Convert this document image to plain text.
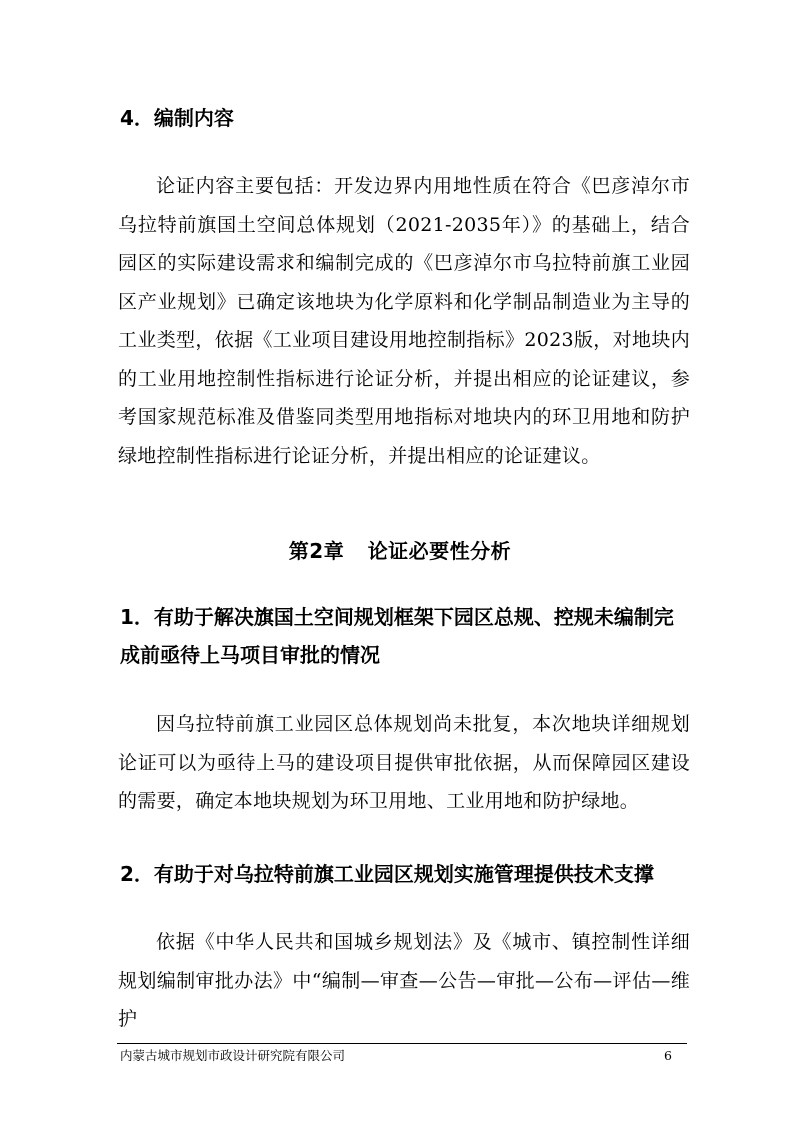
4．编制内容

论证内容主要包括：开发边界内用地性质在符合《巴彦淖尔市乌拉特前旗国土空间总体规划（2021-2035年）》的基础上，结合园区的实际建设需求和编制完成的《巴彦淖尔市乌拉特前旗工业园区产业规划》已确定该地块为化学原料和化学制品制造业为主导的工业类型，依据《工业项目建设用地控制指标》2023版，对地块内的工业用地控制性指标进行论证分析，并提出相应的论证建议，参考国家规范标准及借鉴同类型用地指标对地块内的环卫用地和防护绿地控制性指标进行论证分析，并提出相应的论证建议。

第2章 论证必要性分析
1．有助于解决旗国土空间规划框架下园区总规、控规未编制完成前亟待上马项目审批的情况

因乌拉特前旗工业园区总体规划尚未批复，本次地块详细规划论证可以为亟待上马的建设项目提供审批依据，从而保障园区建设的需要，确定本地块规划为环卫用地、工业用地和防护绿地。

2．有助于对乌拉特前旗工业园区规划实施管理提供技术支撑

依据《中华人民共和国城乡规划法》及《城市、镇控制性详细规划编制审批办法》中“编制—审查—公告—审批—公布—评估—维护

内蒙古城市规划市政设计研究院有限公司	6
